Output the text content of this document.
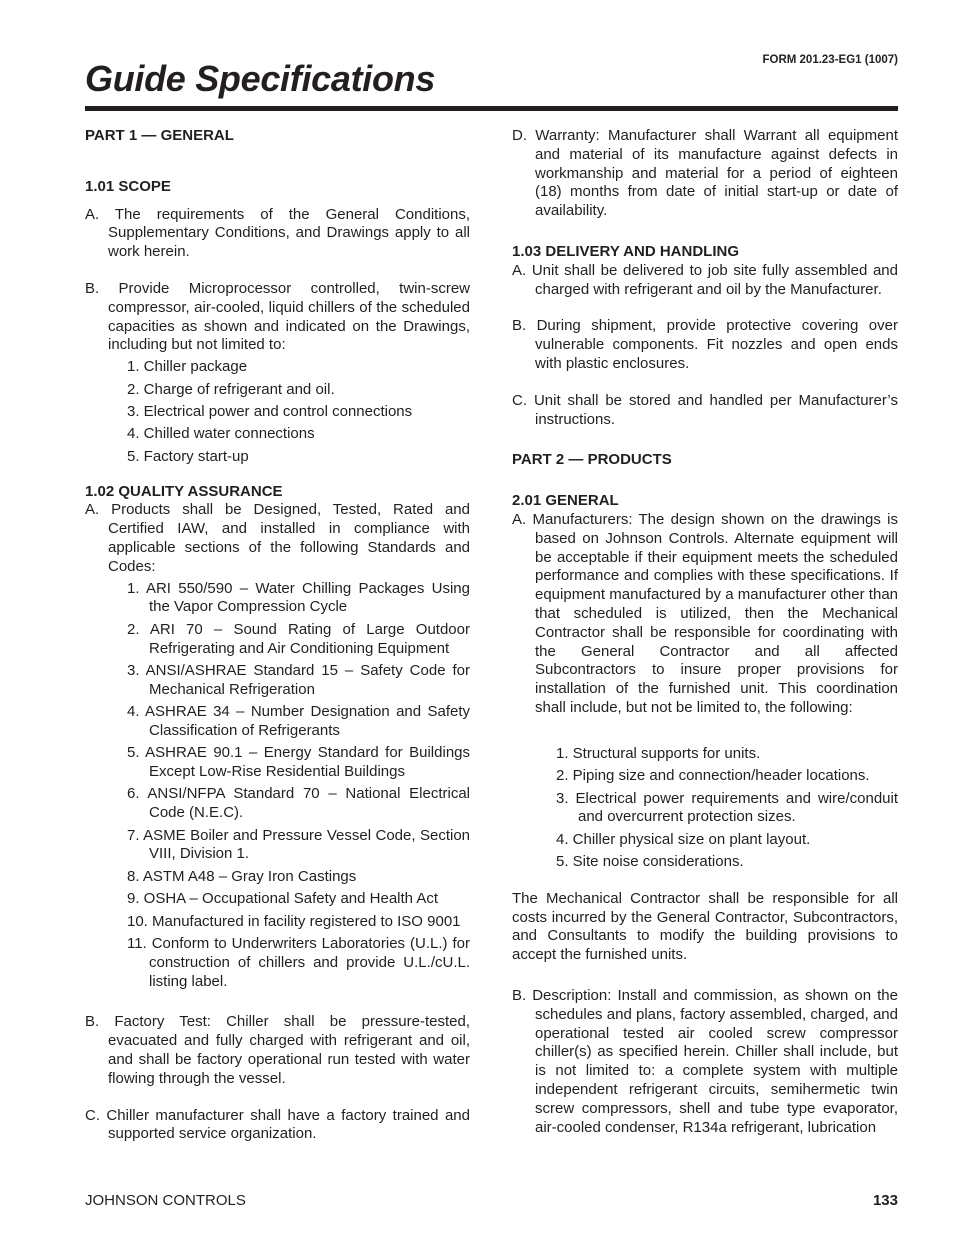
FORM 201.23-EG1 (1007)
Guide Specifications

PART 1 — GENERAL

1.01 SCOPE

A. The requirements of the General Conditions, Supplementary Conditions, and Drawings apply to all work herein.

B. Provide Microprocessor controlled, twin-screw compressor, air-cooled, liquid chillers of the scheduled capacities as shown and indicated on the Drawings, including but not limited to:

1. Chiller package
2. Charge of refrigerant and oil.
3. Electrical power and control connections
4. Chilled water connections
5. Factory start-up

1.02 QUALITY ASSURANCE

A. Products shall be Designed, Tested, Rated and Certified IAW, and installed in compliance with applicable sections of the following Standards and Codes:

1. ARI 550/590 – Water Chilling Packages Using the Vapor Compression Cycle
2. ARI 70 – Sound Rating of Large Outdoor Refrigerating and Air Conditioning Equipment
3. ANSI/ASHRAE Standard 15 – Safety Code for Mechanical Refrigeration
4. ASHRAE 34 – Number Designation and Safety Classification of Refrigerants
5. ASHRAE 90.1 – Energy Standard for Buildings Except Low-Rise Residential Buildings
6. ANSI/NFPA Standard 70 – National Electrical Code (N.E.C).
7. ASME Boiler and Pressure Vessel Code, Section VIII, Division 1.
8. ASTM A48 – Gray Iron Castings
9. OSHA – Occupational Safety and Health Act
10. Manufactured in facility registered to ISO 9001
11. Conform to Underwriters Laboratories (U.L.) for construction of chillers and provide U.L./cU.L. listing label.

B. Factory Test: Chiller shall be pressure-tested, evacuated and fully charged with refrigerant and oil, and shall be factory operational run tested with water flowing through the vessel.

C. Chiller manufacturer shall have a factory trained and supported service organization.

D. Warranty: Manufacturer shall Warrant all equipment and material of its manufacture against defects in workmanship and material for a period of eighteen (18) months from date of initial start-up or date of availability.

1.03 DELIVERY AND HANDLING

A. Unit shall be delivered to job site fully assembled and charged with refrigerant and oil by the Manufacturer.

B. During shipment, provide protective covering over vulnerable components. Fit nozzles and open ends with plastic enclosures.

C. Unit shall be stored and handled per Manufacturer’s instructions.

PART 2 — PRODUCTS

2.01 GENERAL

A. Manufacturers: The design shown on the drawings is based on Johnson Controls. Alternate equipment will be acceptable if their equipment meets the scheduled performance and complies with these specifications. If equipment manufactured by a manufacturer other than that scheduled is utilized, then the Mechanical Contractor shall be responsible for coordinating with the General Contractor and all affected Subcontractors to insure proper provisions for installation of the furnished unit. This coordination shall include, but not be limited to, the following:

1. Structural supports for units.
2. Piping size and connection/header locations.
3. Electrical power requirements and wire/conduit and overcurrent protection sizes.
4. Chiller physical size on plant layout.
5. Site noise considerations.

The Mechanical Contractor shall be responsible for all costs incurred by the General Contractor, Subcontractors, and Consultants to modify the building provisions to accept the furnished units.

B. Description: Install and commission, as shown on the schedules and plans, factory assembled, charged, and operational tested air cooled screw compressor chiller(s) as specified herein. Chiller shall include, but is not limited to: a complete system with multiple independent refrigerant circuits, semihermetic twin screw compressors, shell and tube type evaporator, air-cooled condenser, R134a refrigerant, lubrication

JOHNSON CONTROLS	133
